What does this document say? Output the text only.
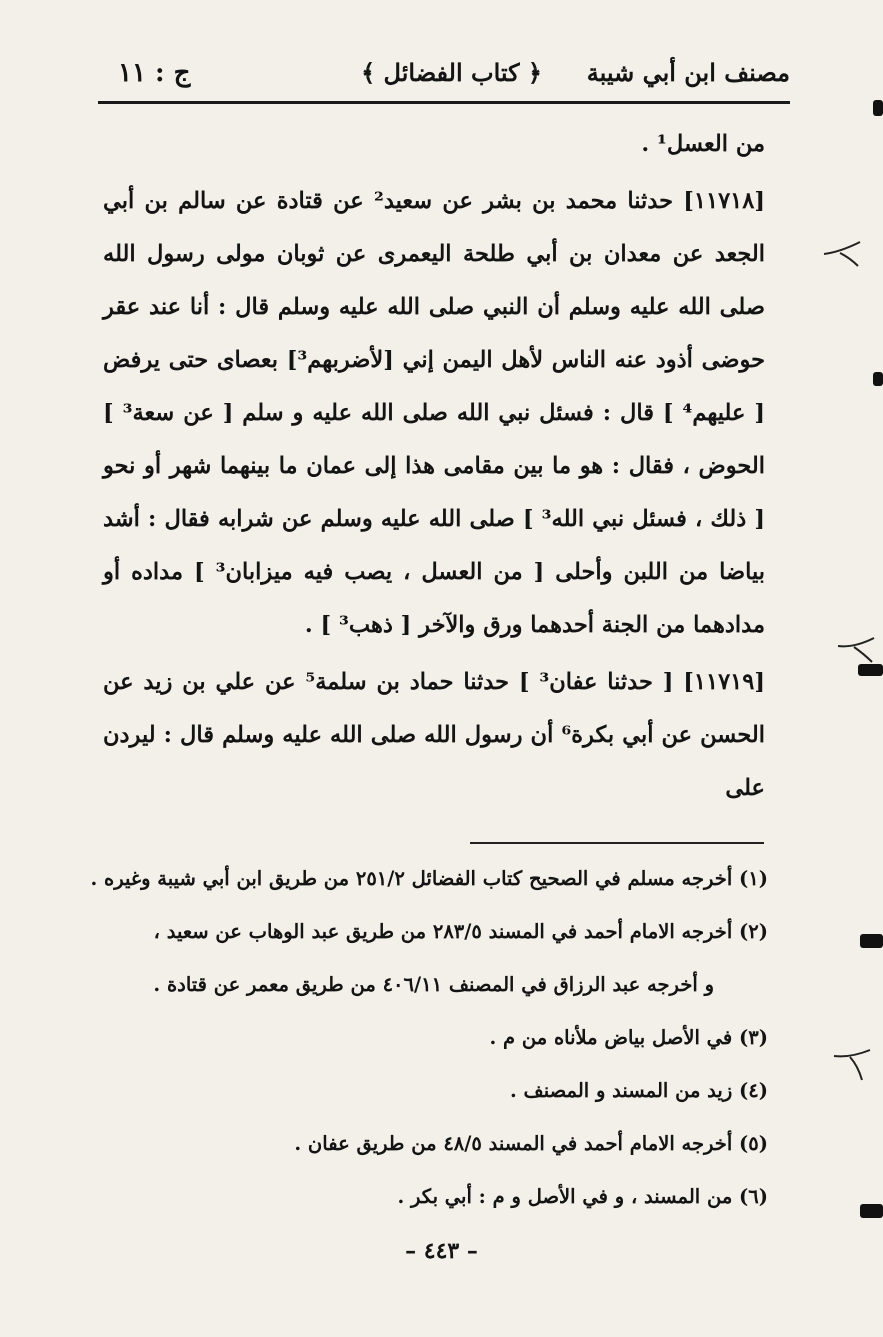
مصنف ابن أبي شيبة
﴿ كتاب الفضائل ﴾
ج : ١١

من العسل¹ .

[١١٧١٨] حدثنا محمد بن بشر عن سعيد² عن قتادة عن سالم بن أبي الجعد عن معدان بن أبي طلحة اليعمرى عن ثوبان مولى رسول الله صلى الله عليه وسلم أن النبي صلى الله عليه وسلم قال : أنا عند عقر حوضى أذود عنه الناس لأهل اليمن إني [لأضربهم³] بعصاى حتى يرفض [ عليهم⁴ ] قال : فسئل نبي الله صلى الله عليه و سلم [ عن سعة³ ] الحوض ، فقال : هو ما بين مقامى هذا إلى عمان ما بينهما شهر أو نحو [ ذلك ، فسئل نبي الله³ ] صلى الله عليه وسلم عن شرابه فقال : أشد بياضا من اللبن وأحلى [ من العسل ، يصب فيه ميزابان³ ] مداده أو مدادهما من الجنة أحدهما ورق والآخر [ ذهب³ ] .

[١١٧١٩] [ حدثنا عفان³ ] حدثنا حماد بن سلمة⁵ عن علي بن زيد عن الحسن عن أبي بكرة⁶ أن رسول الله صلى الله عليه وسلم قال : ليردن على

(١) أخرجه مسلم في الصحيح كتاب الفضائل ٢٥١/٢ من طريق ابن أبي شيبة وغيره .
(٢) أخرجه الامام أحمد في المسند ٢٨٣/٥ من طريق عبد الوهاب عن سعيد ،
و أخرجه عبد الرزاق في المصنف ٤٠٦/١١ من طريق معمر عن قتادة .
(٣) في الأصل بياض ملأناه من م .
(٤) زيد من المسند و المصنف .
(٥) أخرجه الامام أحمد في المسند ٤٨/٥ من طريق عفان .
(٦) من المسند ، و في الأصل و م : أبي بكر .
– ٤٤٣ –
